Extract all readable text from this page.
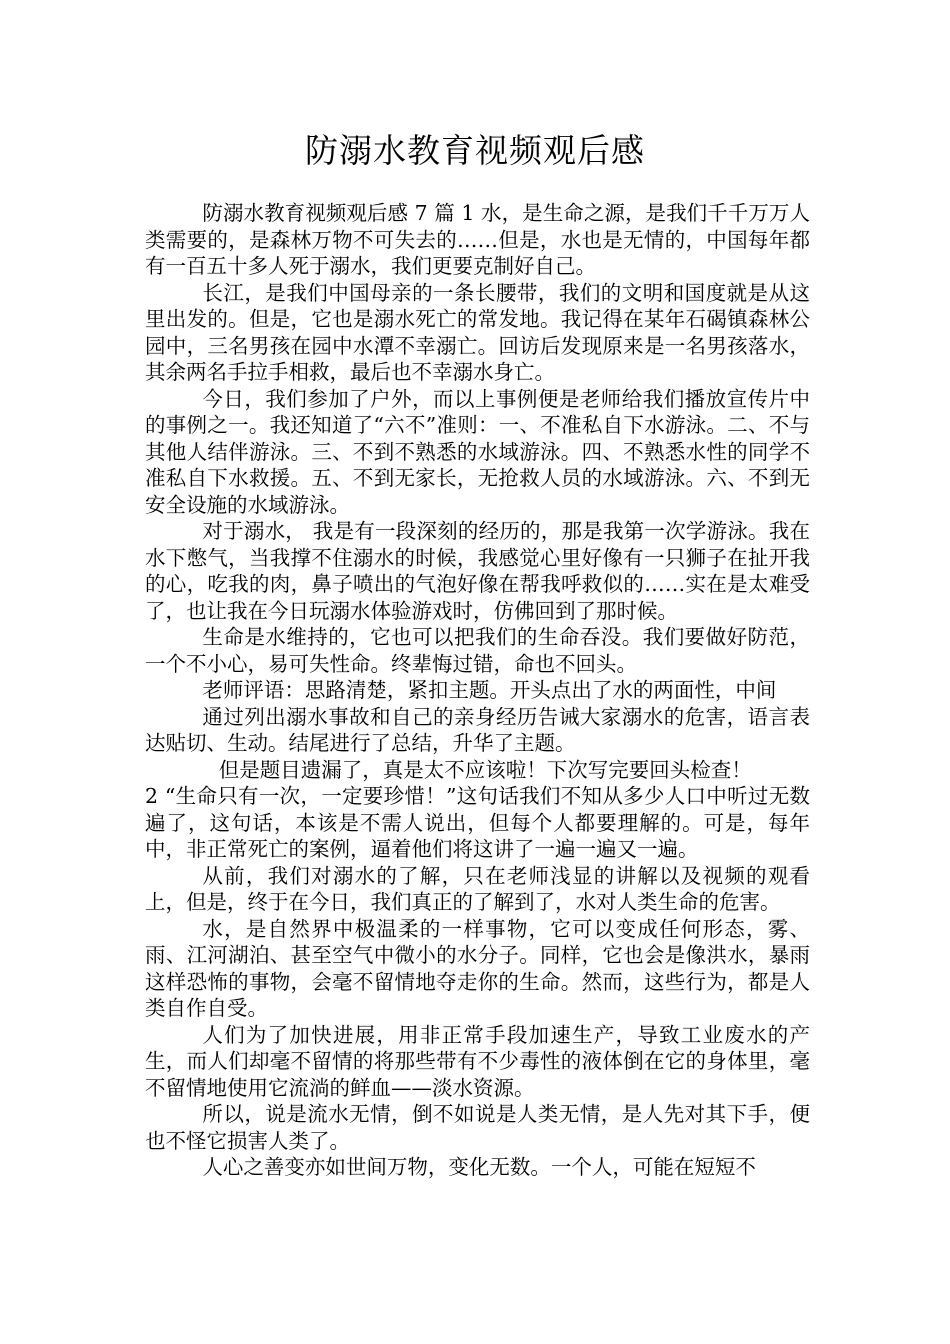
防溺水教育视频观后感

防溺水教育视频观后感 7 篇 1 水，是生命之源，是我们千千万万人类需要的，是森林万物不可失去的……但是，水也是无情的，中国每年都有一百五十多人死于溺水，我们更要克制好自己。

长江，是我们中国母亲的一条长腰带，我们的文明和国度就是从这里出发的。但是，它也是溺水死亡的常发地。我记得在某年石碣镇森林公园中，三名男孩在园中水潭不幸溺亡。回访后发现原来是一名男孩落水，其余两名手拉手相救，最后也不幸溺水身亡。

今日，我们参加了户外，而以上事例便是老师给我们播放宣传片中的事例之一。我还知道了“六不”准则：一、不准私自下水游泳。二、不与其他人结伴游泳。三、不到不熟悉的水域游泳。四、不熟悉水性的同学不准私自下水救援。五、不到无家长，无抢救人员的水域游泳。六、不到无安全设施的水域游泳。

对于溺水， 我是有一段深刻的经历的，那是我第一次学游泳。我在水下憋气，当我撑不住溺水的时候，我感觉心里好像有一只狮子在扯开我的心，吃我的肉，鼻子喷出的气泡好像在帮我呼救似的……实在是太难受了，也让我在今日玩溺水体验游戏时，仿佛回到了那时候。

生命是水维持的，它也可以把我们的生命吞没。我们要做好防范，一个不小心，易可失性命。终辈悔过错，命也不回头。

老师评语：思路清楚，紧扣主题。开头点出了水的两面性，中间

通过列出溺水事故和自己的亲身经历告诫大家溺水的危害，语言表达贴切、生动。结尾进行了总结，升华了主题。

但是题目遗漏了，真是太不应该啦！下次写完要回头检查！

2 “生命只有一次，一定要珍惜！”这句话我们不知从多少人口中听过无数遍了，这句话，本该是不需人说出，但每个人都要理解的。可是，每年中，非正常死亡的案例，逼着他们将这讲了一遍一遍又一遍。

从前，我们对溺水的了解，只在老师浅显的讲解以及视频的观看上，但是，终于在今日，我们真正的了解到了，水对人类生命的危害。

水，是自然界中极温柔的一样事物，它可以变成任何形态，雾、雨、江河湖泊、甚至空气中微小的水分子。同样，它也会是像洪水，暴雨这样恐怖的事物，会毫不留情地夺走你的生命。然而，这些行为，都是人类自作自受。

人们为了加快进展，用非正常手段加速生产，导致工业废水的产生，而人们却毫不留情的将那些带有不少毒性的液体倒在它的身体里，毫不留情地使用它流淌的鲜血——淡水资源。

所以，说是流水无情，倒不如说是人类无情，是人先对其下手，便也不怪它损害人类了。

人心之善变亦如世间万物，变化无数。一个人，可能在短短不
